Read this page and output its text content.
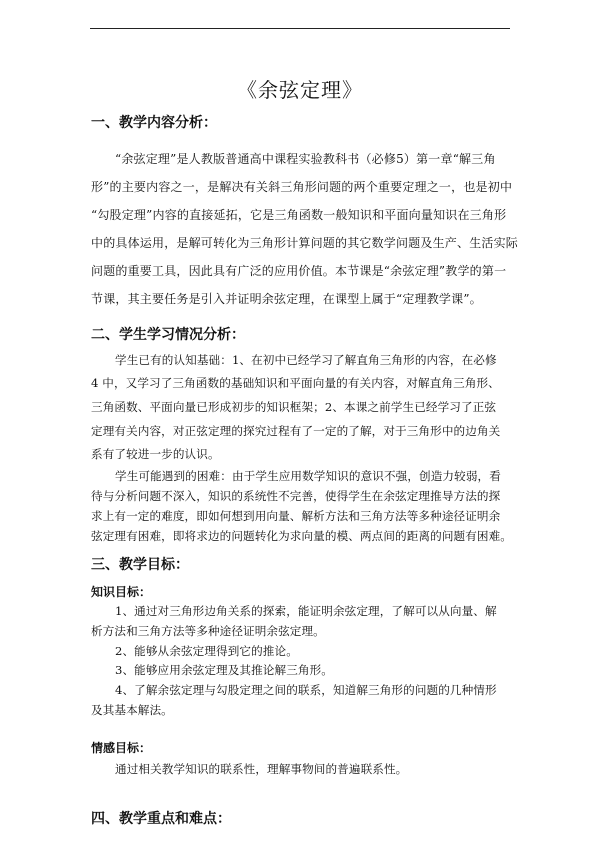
《余弦定理》
一、教学内容分析：
“余弦定理”是人教版普通高中课程实验教科书（必修5）第一章“解三角
形”的主要内容之一，是解决有关斜三角形问题的两个重要定理之一，也是初中
“勾股定理”内容的直接延拓，它是三角函数一般知识和平面向量知识在三角形
中的具体运用，是解可转化为三角形计算问题的其它数学问题及生产、生活实际
问题的重要工具，因此具有广泛的应用价值。本节课是“余弦定理”教学的第一
节课，其主要任务是引入并证明余弦定理，在课型上属于“定理教学课”。
二、学生学习情况分析：
学生已有的认知基础：1、在初中已经学习了解直角三角形的内容，在必修
4 中，又学习了三角函数的基础知识和平面向量的有关内容，对解直角三角形、
三角函数、平面向量已形成初步的知识框架；2、本课之前学生已经学习了正弦
定理有关内容，对正弦定理的探究过程有了一定的了解，对于三角形中的边角关
系有了较进一步的认识。
学生可能遇到的困难：由于学生应用数学知识的意识不强，创造力较弱，看
待与分析问题不深入，知识的系统性不完善，使得学生在余弦定理推导方法的探
求上有一定的难度，即如何想到用向量、解析方法和三角方法等多种途径证明余
弦定理有困难，即将求边的问题转化为求向量的模、两点间的距离的问题有困难。
三、教学目标：
知识目标：
1、通过对三角形边角关系的探索，能证明余弦定理，了解可以从向量、解
析方法和三角方法等多种途径证明余弦定理。
2、能够从余弦定理得到它的推论。
3、能够应用余弦定理及其推论解三角形。
4、了解余弦定理与勾股定理之间的联系，知道解三角形的问题的几种情形
及其基本解法。
情感目标：
通过相关教学知识的联系性，理解事物间的普遍联系性。
四、教学重点和难点：
